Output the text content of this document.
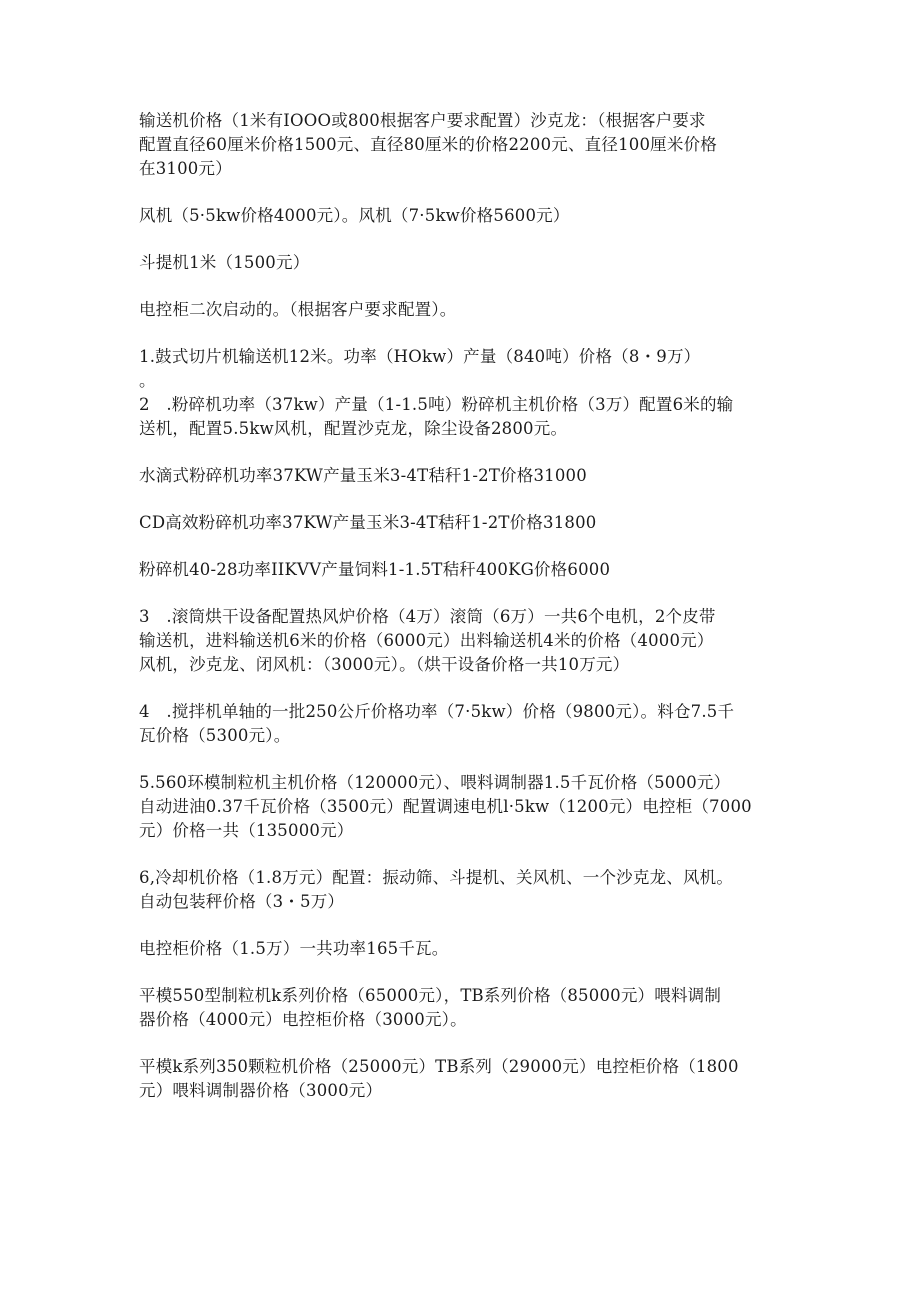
输送机价格（1米有IOOO或800根据客户要求配置）沙克龙：（根据客户要求
配置直径60厘米价格1500元、直径80厘米的价格2200元、直径100厘米价格
在3100元）

风机（5·5kw价格4000元）。风机（7·5kw价格5600元）

斗提机1米（1500元）

电控柜二次启动的。（根据客户要求配置）。

1.鼓式切片机输送机12米。功率（HOkw）产量（840吨）价格（8・9万）
。

2　.粉碎机功率（37kw）产量（1-1.5吨）粉碎机主机价格（3万）配置6米的输
送机，配置5.5kw风机，配置沙克龙，除尘设备2800元。

水滴式粉碎机功率37KW产量玉米3-4T秸秆1-2T价格31000

CD高效粉碎机功率37KW产量玉米3-4T秸秆1-2T价格31800

粉碎机40-28功率IIKVV产量饲料1-1.5T秸秆400KG价格6000

3　.滚筒烘干设备配置热风炉价格（4万）滚筒（6万）一共6个电机，2个皮带
输送机，进料输送机6米的价格（6000元）出料输送机4米的价格（4000元）
风机，沙克龙、闭风机：（3000元）。（烘干设备价格一共10万元）

4　.搅拌机单轴的一批250公斤价格功率（7·5kw）价格（9800元）。料仓7.5千
瓦价格（5300元）。

5.560环模制粒机主机价格（120000元）、喂料调制器1.5千瓦价格（5000元）
自动进油0.37千瓦价格（3500元）配置调速电机l·5kw（1200元）电控柜（7000
元）价格一共（135000元）

6,冷却机价格（1.8万元）配置：振动筛、斗提机、关风机、一个沙克龙、风机。
自动包装秤价格（3・5万）

电控柜价格（1.5万）一共功率165千瓦。

平模550型制粒机k系列价格（65000元），TB系列价格（85000元）喂料调制
器价格（4000元）电控柜价格（3000元）。

平模k系列350颗粒机价格（25000元）TB系列（29000元）电控柜价格（1800
元）喂料调制器价格（3000元）
